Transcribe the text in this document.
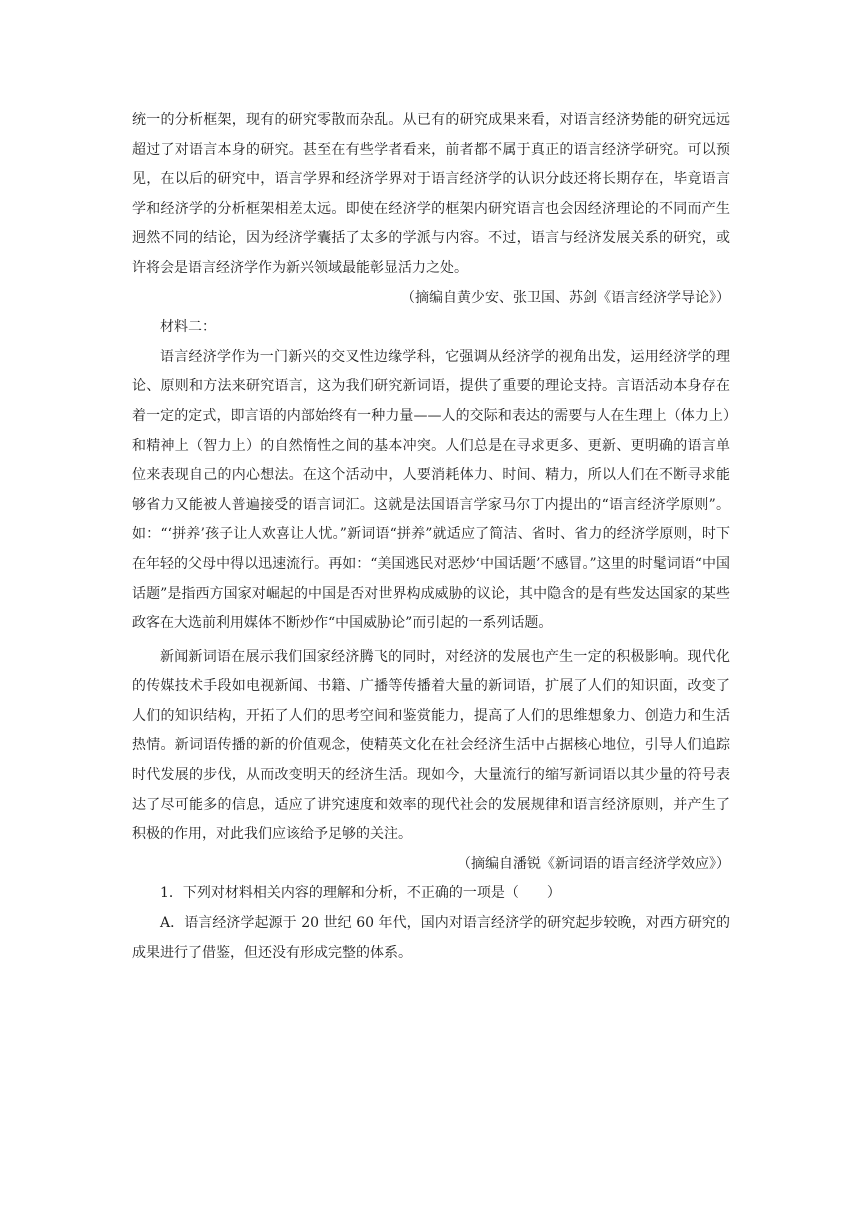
统一的分析框架，现有的研究零散而杂乱。从已有的研究成果来看，对语言经济势能的研究远远超过了对语言本身的研究。甚至在有些学者看来，前者都不属于真正的语言经济学研究。可以预见，在以后的研究中，语言学界和经济学界对于语言经济学的认识分歧还将长期存在，毕竟语言学和经济学的分析框架相差太远。即使在经济学的框架内研究语言也会因经济理论的不同而产生迥然不同的结论，因为经济学囊括了太多的学派与内容。不过，语言与经济发展关系的研究，或许将会是语言经济学作为新兴领域最能彰显活力之处。

（摘编自黄少安、张卫国、苏剑《语言经济学导论》）

材料二：

语言经济学作为一门新兴的交叉性边缘学科，它强调从经济学的视角出发，运用经济学的理论、原则和方法来研究语言，这为我们研究新词语，提供了重要的理论支持。言语活动本身存在着一定的定式，即言语的内部始终有一种力量——人的交际和表达的需要与人在生理上（体力上）和精神上（智力上）的自然惰性之间的基本冲突。人们总是在寻求更多、更新、更明确的语言单位来表现自己的内心想法。在这个活动中，人要消耗体力、时间、精力，所以人们在不断寻求能够省力又能被人普遍接受的语言词汇。这就是法国语言学家马尔丁内提出的“语言经济学原则”。如：“‘拼养’孩子让人欢喜让人忧。”新词语“拼养”就适应了简洁、省时、省力的经济学原则，时下在年轻的父母中得以迅速流行。再如：“美国逃民对恶炒‘中国话题’不感冒。”这里的时髦词语“中国话题”是指西方国家对崛起的中国是否对世界构成威胁的议论，其中隐含的是有些发达国家的某些政客在大选前利用媒体不断炒作“中国威胁论”而引起的一系列话题。

新闻新词语在展示我们国家经济腾飞的同时，对经济的发展也产生一定的积极影响。现代化的传媒技术手段如电视新闻、书籍、广播等传播着大量的新词语，扩展了人们的知识面，改变了人们的知识结构，开拓了人们的思考空间和鉴赏能力，提高了人们的思维想象力、创造力和生活热情。新词语传播的新的价值观念，使精英文化在社会经济生活中占据核心地位，引导人们追踪时代发展的步伐，从而改变明天的经济生活。现如今，大量流行的缩写新词语以其少量的符号表达了尽可能多的信息，适应了讲究速度和效率的现代社会的发展规律和语言经济原则，并产生了积极的作用，对此我们应该给予足够的关注。

（摘编自潘锐《新词语的语言经济学效应》）

1．下列对材料相关内容的理解和分析，不正确的一项是（　　）

A．语言经济学起源于 20 世纪 60 年代，国内对语言经济学的研究起步较晚，对西方研究的成果进行了借鉴，但还没有形成完整的体系。
